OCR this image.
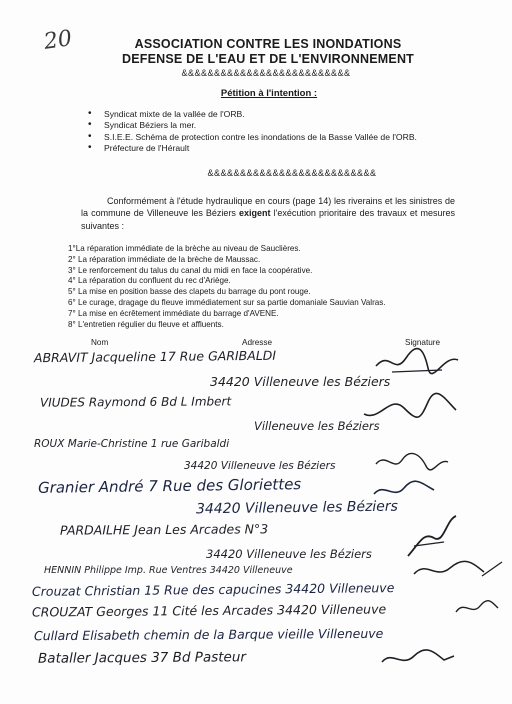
20	ASSOCIATION CONTRE LES INONDATIONS
DEFENSE DE L'EAU ET DE L'ENVIRONNEMENT
&&&&&&&&&&&&&&&&&&&&&&&&&&
Pétition à l'intention :
• Syndicat mixte de la vallée de l'ORB.
• Syndicat Béziers la mer.
• S.I.E.E. Schéma de protection contre les inondations de la Basse Vallée de l'ORB.
• Préfecture de l'Hérault
&&&&&&&&&&&&&&&&&&&&&&&&&&

Conformément à l'étude hydraulique en cours (page 14) les riverains et les sinistres de la commune de Villeneuve les Béziers exigent l'exécution prioritaire des travaux et mesures suivantes :

1°La réparation immédiate de la brèche au niveau de Sauclières.
2° La réparation immédiate de la brèche de Maussac.
3° Le renforcement du talus du canal du midi en face la coopérative.
4° La réparation du confluent du rec d'Ariège.
5° La mise en position basse des clapets du barrage du pont rouge.
6° Le curage, dragage du fleuve immédiatement sur sa partie domaniale Sauvian Valras.
7° La mise en écrêtement immédiate du barrage d'AVENE.
8° L'entretien régulier du fleuve et affluents.
Nom	Adresse	Signature
ABRAVIT Jacqueline 17 Rue GARIBALDI
34420 Villeneuve les Béziers
VIUDES Raymond 6 Bd L Imbert
Villeneuve les Béziers
ROUX Marie-Christine 1 rue Garibaldi
34420 Villeneuve les Béziers
Granier André 7 Rue des Gloriettes
34420 Villeneuve les Béziers
PARDAILHE Jean Les Arcades N°3
34420 Villeneuve les Béziers
HENNIN Philippe Imp. Rue Ventres 34420 Villeneuve
Crouzat Christian 15 Rue des capucines 34420 Villeneuve
CROUZAT Georges 11 Cité les Arcades 34420 Villeneuve
Cullard Elisabeth chemin de la Barque vieille Villeneuve
Bataller Jacques 37 Bd Pasteur
